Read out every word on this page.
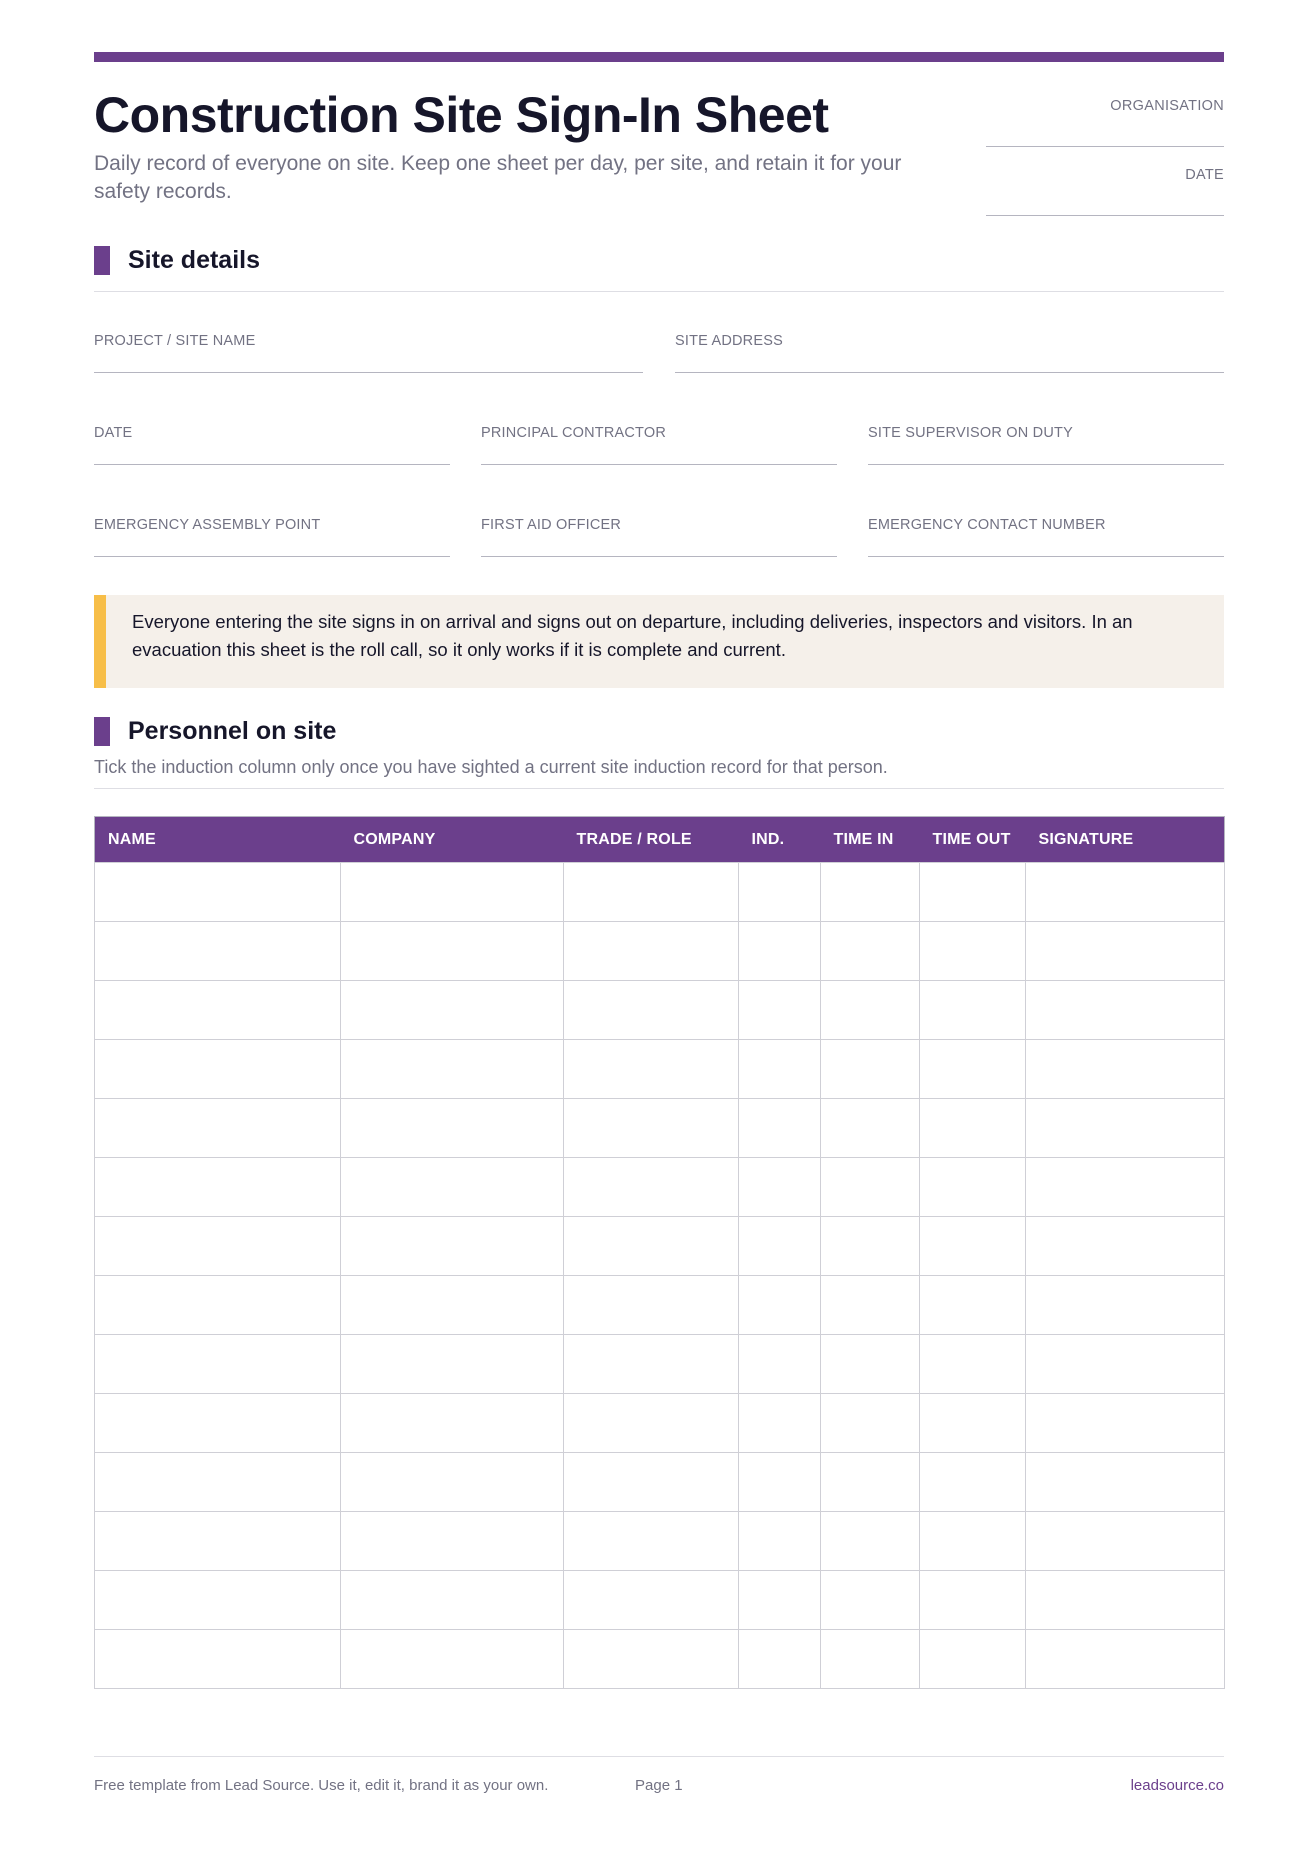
Construction Site Sign-In Sheet

Daily record of everyone on site. Keep one sheet per day, per site, and retain it for your safety records.

ORGANISATION
DATE
Site details
PROJECT / SITE NAME	SITE ADDRESS
DATE	PRINCIPAL CONTRACTOR	SITE SUPERVISOR ON DUTY
EMERGENCY ASSEMBLY POINT	FIRST AID OFFICER	EMERGENCY CONTACT NUMBER
Everyone entering the site signs in on arrival and signs out on departure, including deliveries, inspectors and visitors. In an evacuation this sheet is the roll call, so it only works if it is complete and current.
Personnel on site

Tick the induction column only once you have sighted a current site induction record for that person.

NAME	COMPANY	TRADE / ROLE	IND.	TIME IN	TIME OUT	SIGNATURE

Free template from Lead Source. Use it, edit it, brand it as your own.	Page 1	leadsource.co
